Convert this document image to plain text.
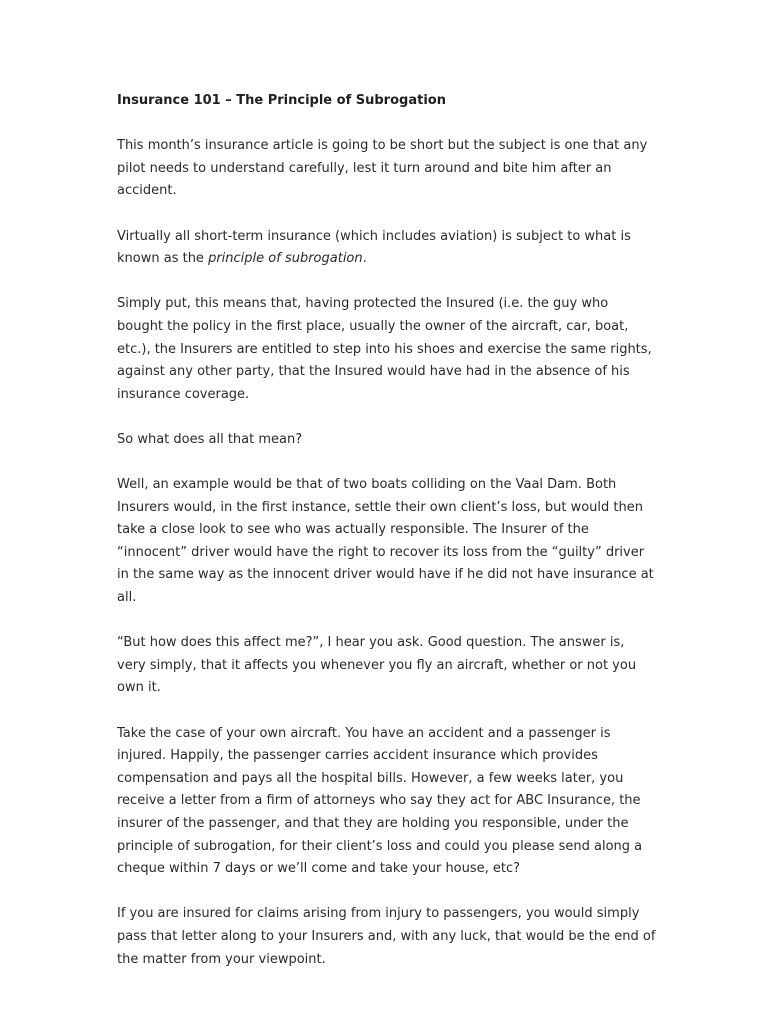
Insurance 101 – The Principle of Subrogation

This month’s insurance article is going to be short but the subject is one that any pilot needs to understand carefully, lest it turn around and bite him after an accident.

Virtually all short-term insurance (which includes aviation) is subject to what is known as the principle of subrogation.

Simply put, this means that, having protected the Insured (i.e. the guy who bought the policy in the first place, usually the owner of the aircraft, car, boat, etc.), the Insurers are entitled to step into his shoes and exercise the same rights, against any other party, that the Insured would have had in the absence of his insurance coverage.

So what does all that mean?

Well, an example would be that of two boats colliding on the Vaal Dam. Both Insurers would, in the first instance, settle their own client’s loss, but would then take a close look to see who was actually responsible. The Insurer of the “innocent” driver would have the right to recover its loss from the “guilty” driver in the same way as the innocent driver would have if he did not have insurance at all.

“But how does this affect me?”, I hear you ask. Good question. The answer is, very simply, that it affects you whenever you fly an aircraft, whether or not you own it.

Take the case of your own aircraft. You have an accident and a passenger is injured. Happily, the passenger carries accident insurance which provides compensation and pays all the hospital bills. However, a few weeks later, you receive a letter from a firm of attorneys who say they act for ABC Insurance, the insurer of the passenger, and that they are holding you responsible, under the principle of subrogation, for their client’s loss and could you please send along a cheque within 7 days or we’ll come and take your house, etc?

If you are insured for claims arising from injury to passengers, you would simply pass that letter along to your Insurers and, with any luck, that would be the end of the matter from your viewpoint.
